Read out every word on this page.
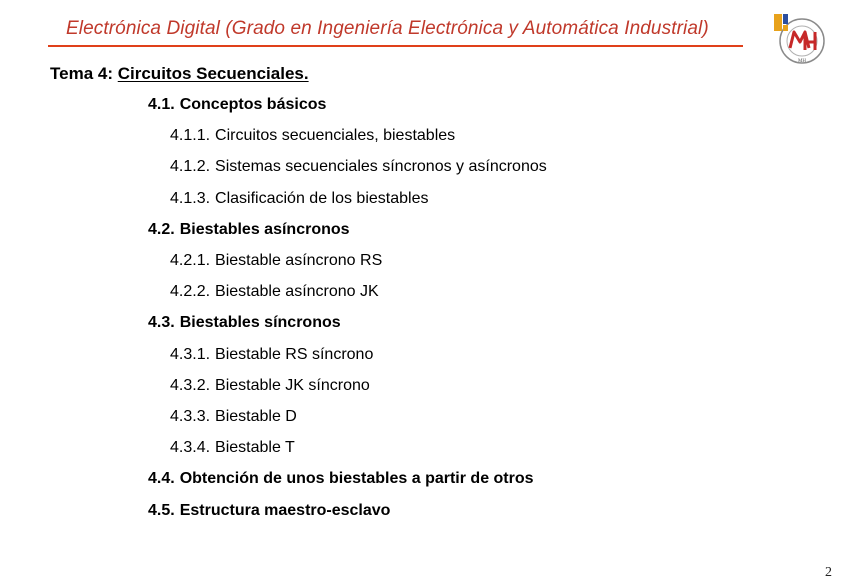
Electrónica Digital (Grado en Ingeniería Electrónica y Automática Industrial)
MH
Tema 4: Circuitos Secuenciales.
4.1. Conceptos básicos
4.1.1. Circuitos secuenciales, biestables
4.1.2. Sistemas secuenciales síncronos y asíncronos
4.1.3. Clasificación de los biestables
4.2. Biestables asíncronos
4.2.1. Biestable asíncrono RS
4.2.2. Biestable asíncrono JK
4.3. Biestables síncronos
4.3.1. Biestable RS síncrono
4.3.2. Biestable JK síncrono
4.3.3. Biestable D
4.3.4. Biestable T
4.4. Obtención de unos biestables a partir de otros
4.5. Estructura maestro-esclavo
2
